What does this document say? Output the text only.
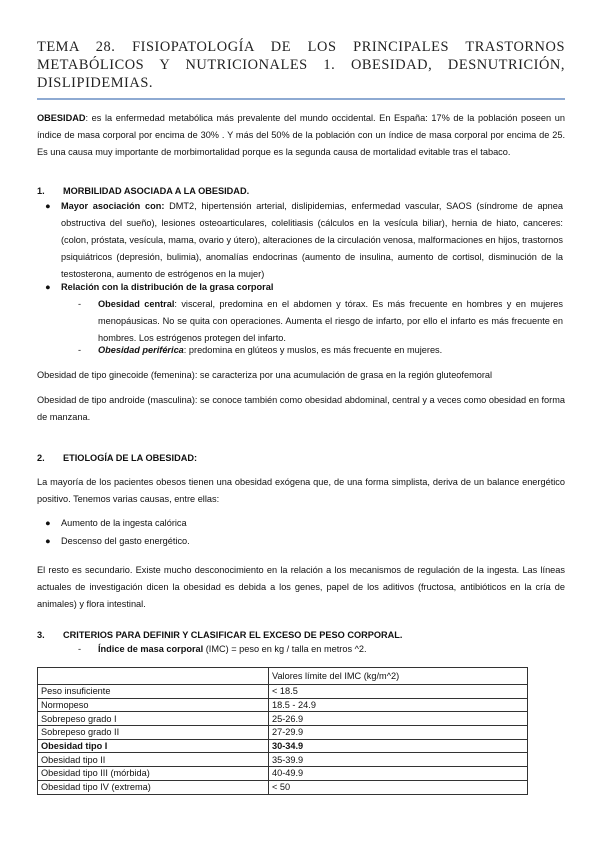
TEMA 28. FISIOPATOLOGÍA DE LOS PRINCIPALES TRASTORNOS
METABÓLICOS Y NUTRICIONALES 1. OBESIDAD, DESNUTRICIÓN,
DISLIPIDEMIAS.
OBESIDAD: es la enfermedad metabólica más prevalente del mundo occidental. En España: 17% de la población poseen un índice de masa corporal por encima de 30% . Y más del 50% de la población con un índice de masa corporal por encima de 25. Es una causa muy importante de morbimortalidad porque es la segunda causa de mortalidad evitable tras el tabaco.
1. MORBILIDAD ASOCIADA A LA OBESIDAD.
●	Mayor asociación con: DMT2, hipertensión arterial, dislipidemias, enfermedad vascular, SAOS (síndrome de apnea obstructiva del sueño), lesiones osteoarticulares, colelitiasis (cálculos en la vesícula biliar), hernia de hiato, canceres: (colon, próstata, vesícula, mama, ovario y útero), alteraciones de la circulación venosa, malformaciones en hijos, trastornos psiquiátricos (depresión, bulimia), anomalías endocrinas (aumento de insulina, aumento de cortisol, disminución de la testosterona, aumento de estrógenos en la mujer)
●	Relación con la distribución de la grasa corporal
- Obesidad central: visceral, predomina en el abdomen y tórax. Es más frecuente en hombres y en mujeres menopáusicas. No se quita con operaciones. Aumenta el riesgo de infarto, por ello el infarto es más frecuente en hombres. Los estrógenos protegen del infarto.
- Obesidad periférica: predomina en glúteos y muslos, es más frecuente en mujeres.
Obesidad de tipo ginecoide (femenina): se caracteriza por una acumulación de grasa en la región gluteofemoral
Obesidad de tipo androide (masculina): se conoce también como obesidad abdominal, central y a veces como obesidad en forma de manzana.
2. ETIOLOGÍA DE LA OBESIDAD:
La mayoría de los pacientes obesos tienen una obesidad exógena que, de una forma simplista, deriva de un balance energético positivo. Tenemos varias causas, entre ellas:
●	Aumento de la ingesta calórica
●	Descenso del gasto energético.
El resto es secundario. Existe mucho desconocimiento en la relación a los mecanismos de regulación de la ingesta. Las líneas actuales de investigación dicen la obesidad es debida a los genes, papel de los aditivos (fructosa, antibióticos en la cría de animales) y flora intestinal.
3. CRITERIOS PARA DEFINIR Y CLASIFICAR EL EXCESO DE PESO CORPORAL.
- Índice de masa corporal (IMC) = peso en kg / talla en metros ^2.
	Valores límite del IMC (kg/m^2)
Peso insuficiente	< 18.5
Normopeso	18.5 - 24.9
Sobrepeso grado I	25-26.9
Sobrepeso grado II	27-29.9
Obesidad tipo I	30-34.9
Obesidad tipo II	35-39.9
Obesidad tipo III (mórbida)	40-49.9
Obesidad tipo IV (extrema)	< 50
